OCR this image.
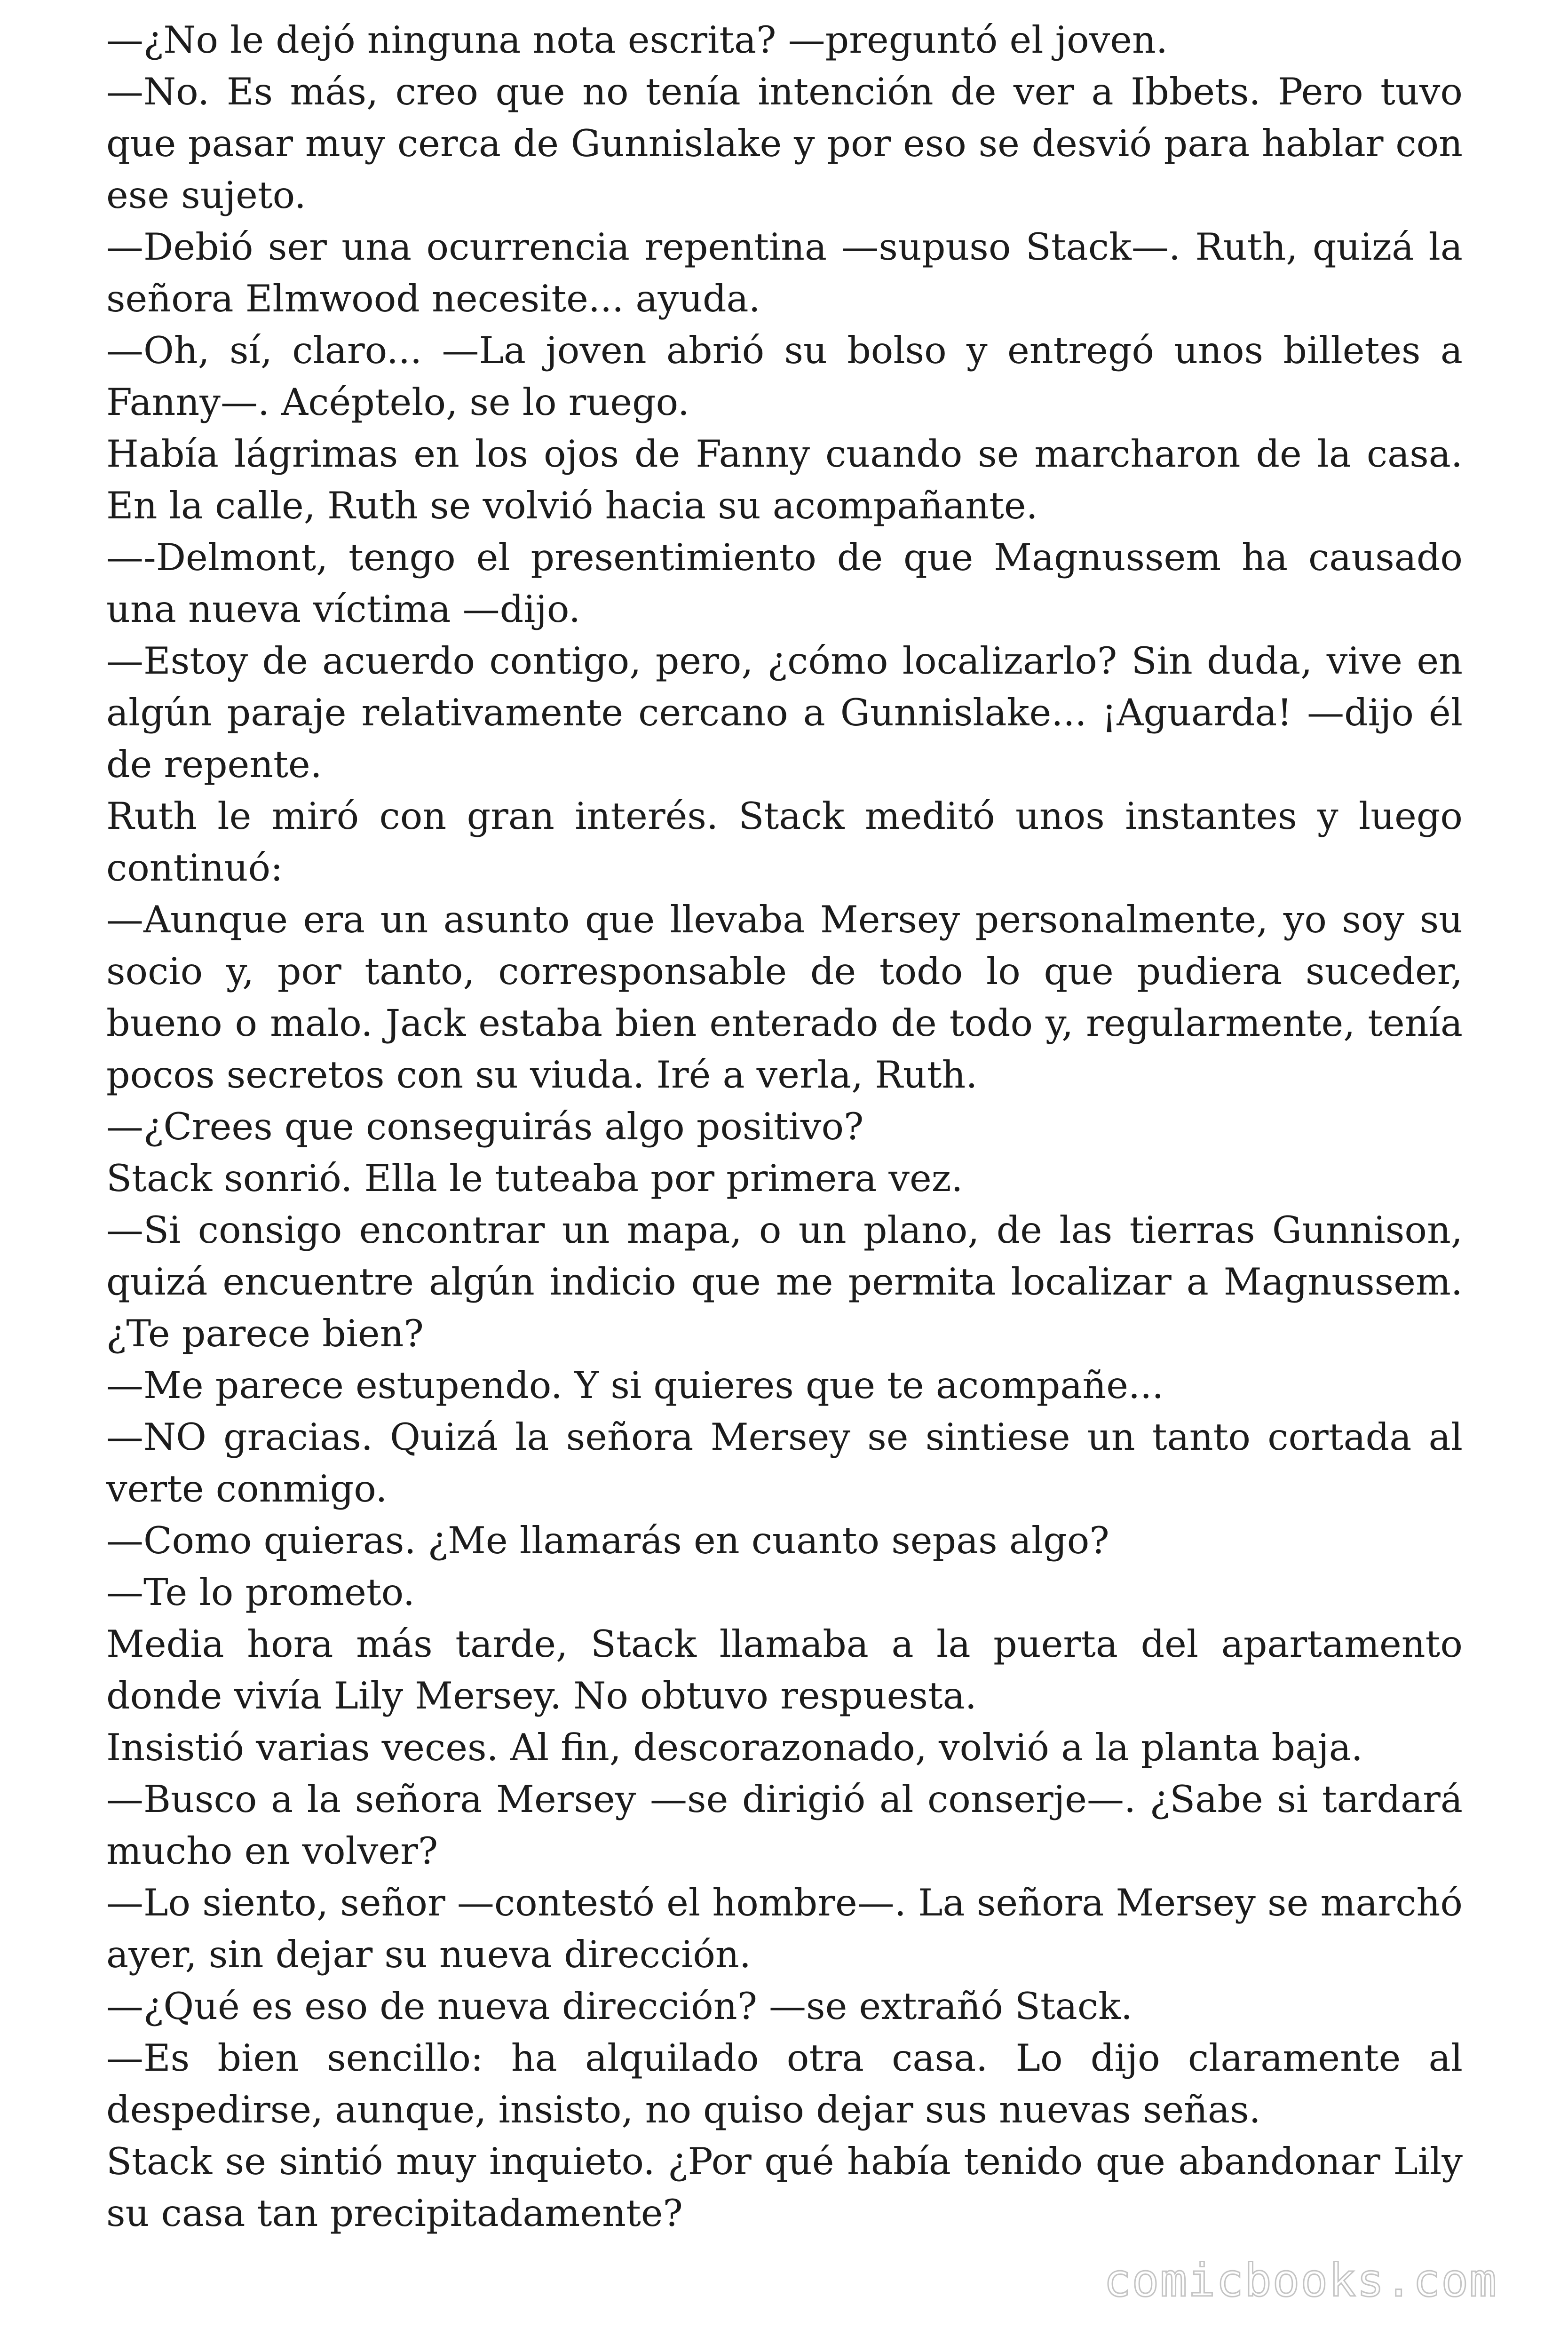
—¿No le dejó ninguna nota escrita? —preguntó el joven.

—No. Es más, creo que no tenía intención de ver a Ibbets. Pero tuvo que pasar muy cerca de Gunnislake y por eso se desvió para hablar con ese sujeto.

—Debió ser una ocurrencia repentina —supuso Stack—. Ruth, quizá la señora Elmwood necesite... ayuda.

—Oh, sí, claro... —La joven abrió su bolso y entregó unos billetes a Fanny—. Acéptelo, se lo ruego.

Había lágrimas en los ojos de Fanny cuando se marcharon de la casa. En la calle, Ruth se volvió hacia su acompañante.

—-Delmont, tengo el presentimiento de que Magnussem ha causado una nueva víctima —dijo.

—Estoy de acuerdo contigo, pero, ¿cómo localizarlo? Sin duda, vive en algún paraje relativamente cercano a Gunnislake... ¡Aguarda! —dijo él de repente.

Ruth le miró con gran interés. Stack meditó unos instantes y luego continuó:

—Aunque era un asunto que llevaba Mersey personalmente, yo soy su socio y, por tanto, corresponsable de todo lo que pudiera suceder, bueno o malo. Jack estaba bien enterado de todo y, regularmente, tenía pocos secretos con su viuda. Iré a verla, Ruth.

—¿Crees que conseguirás algo positivo?

Stack sonrió. Ella le tuteaba por primera vez.

—Si consigo encontrar un mapa, o un plano, de las tierras Gunnison, quizá encuentre algún indicio que me permita localizar a Magnussem. ¿Te parece bien?

—Me parece estupendo. Y si quieres que te acompañe...

—NO gracias. Quizá la señora Mersey se sintiese un tanto cortada al verte conmigo.

—Como quieras. ¿Me llamarás en cuanto sepas algo?

—Te lo prometo.

Media hora más tarde, Stack llamaba a la puerta del apartamento donde vivía Lily Mersey. No obtuvo respuesta.

Insistió varias veces. Al fin, descorazonado, volvió a la planta baja.

—Busco a la señora Mersey —se dirigió al conserje—. ¿Sabe si tardará mucho en volver?

—Lo siento, señor —contestó el hombre—. La señora Mersey se marchó ayer, sin dejar su nueva dirección.

—¿Qué es eso de nueva dirección? —se extrañó Stack.

—Es bien sencillo: ha alquilado otra casa. Lo dijo claramente al despedirse, aunque, insisto, no quiso dejar sus nuevas señas.

Stack se sintió muy inquieto. ¿Por qué había tenido que abandonar Lily su casa tan precipitadamente?

comicbooks.com
